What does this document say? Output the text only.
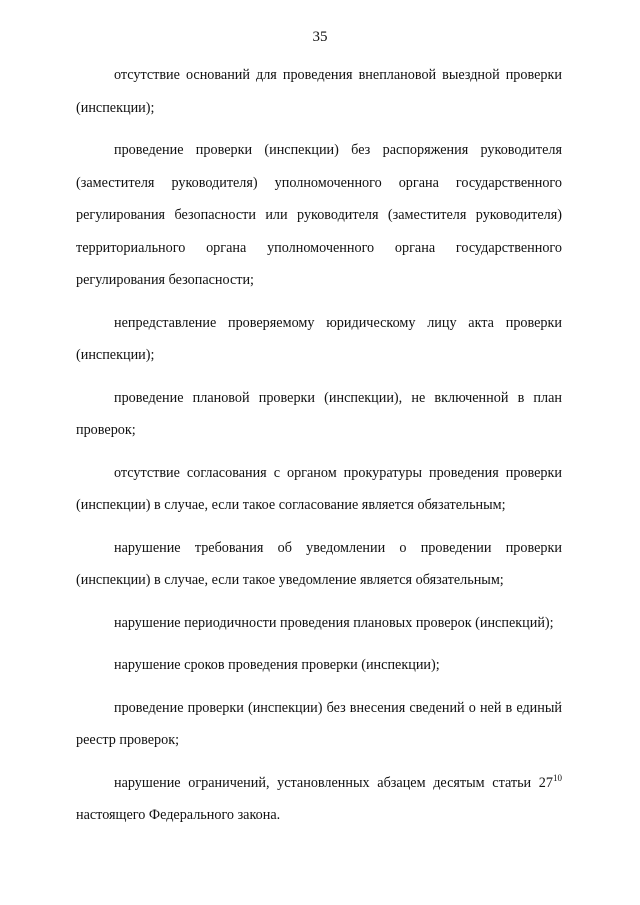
35

отсутствие оснований для проведения внеплановой выездной проверки (инспекции);

проведение проверки (инспекции) без распоряжения руководителя (заместителя руководителя) уполномоченного органа государственного регулирования безопасности или руководителя (заместителя руководителя) территориального органа уполномоченного органа государственного регулирования безопасности;

непредставление проверяемому юридическому лицу акта проверки (инспекции);

проведение плановой проверки (инспекции), не включенной в план проверок;

отсутствие согласования с органом прокуратуры проведения проверки (инспекции) в случае, если такое согласование является обязательным;

нарушение требования об уведомлении о проведении проверки (инспекции) в случае, если такое уведомление является обязательным;

нарушение периодичности проведения плановых проверок (инспекций);

нарушение сроков проведения проверки (инспекции);

проведение проверки (инспекции) без внесения сведений о ней в единый реестр проверок;

нарушение ограничений, установленных абзацем десятым статьи $27^{10}$ настоящего Федерального закона.
